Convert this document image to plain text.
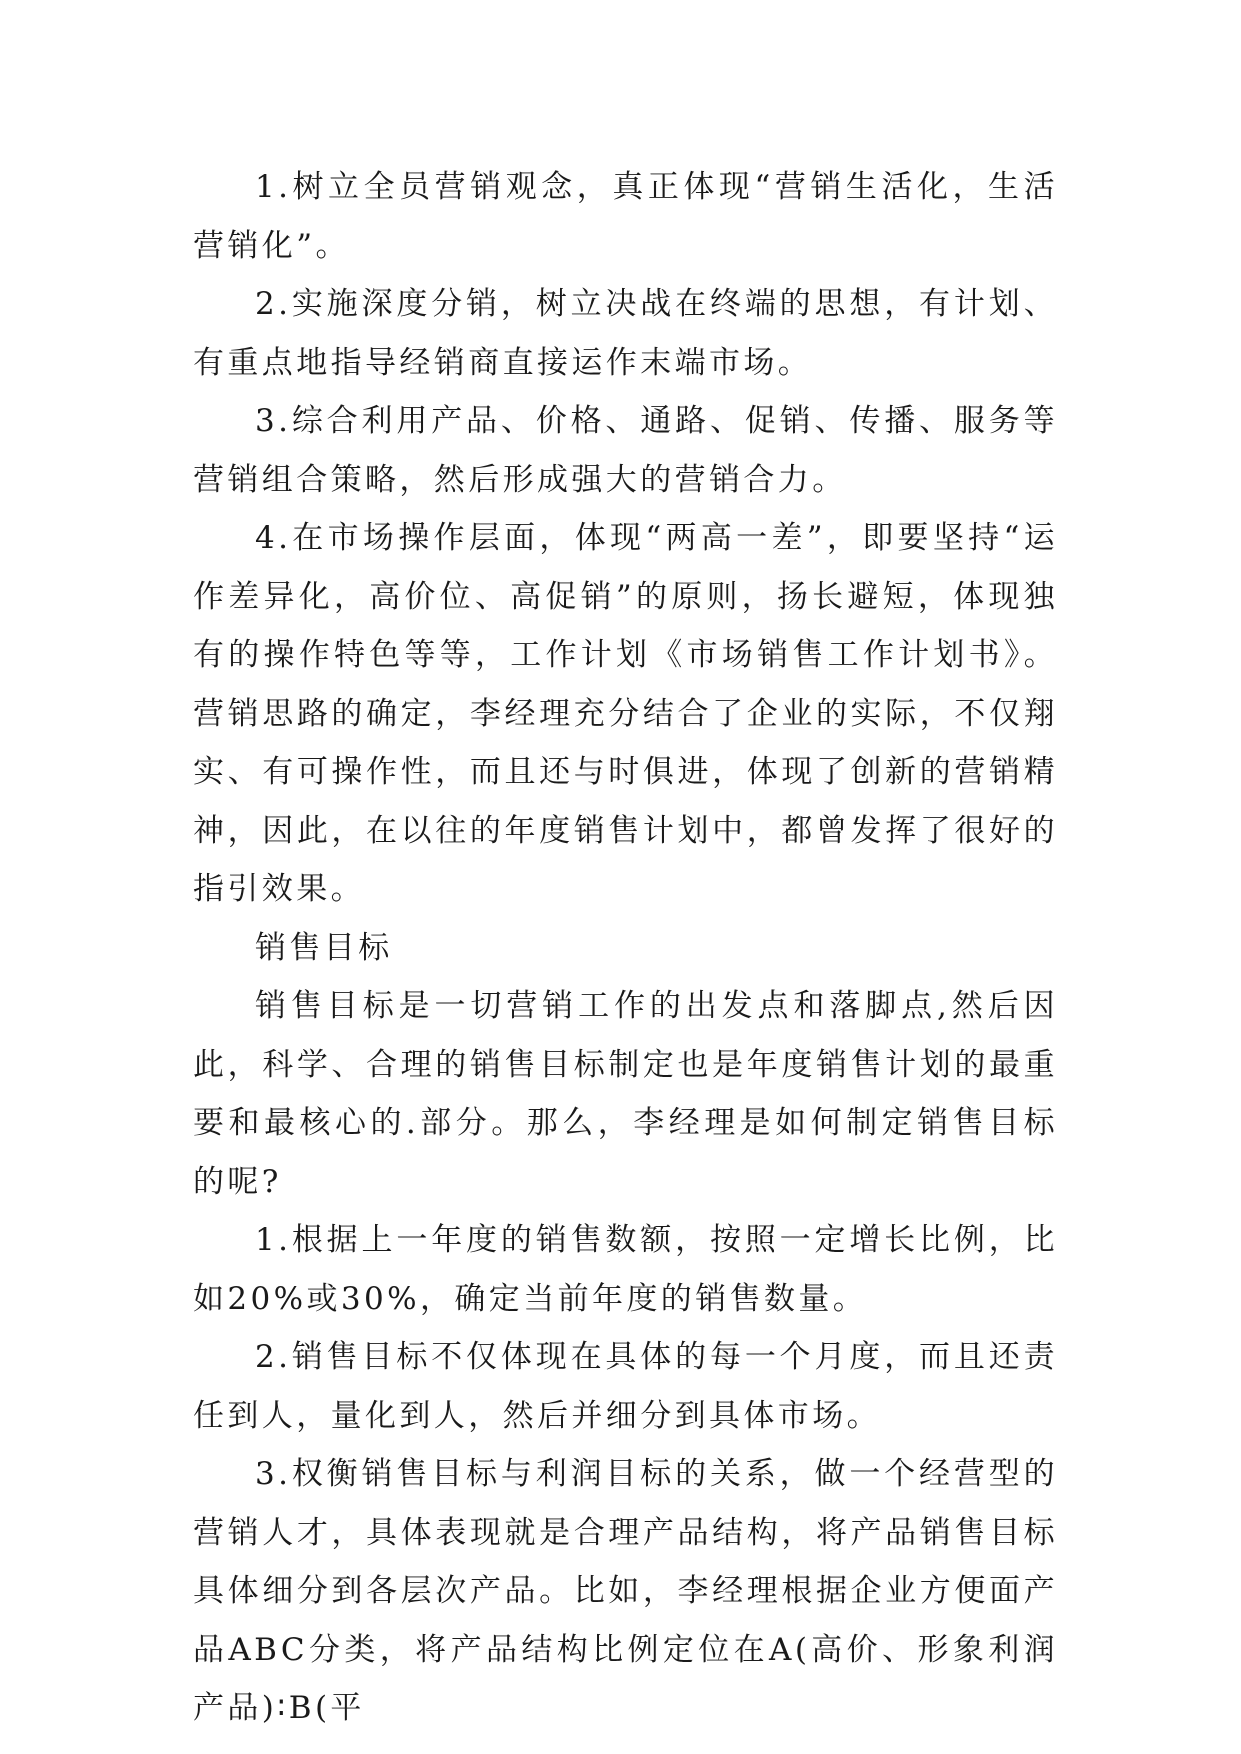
1.树立全员营销观念，真正体现“营销生活化，生活营销化”。

2.实施深度分销，树立决战在终端的思想，有计划、有重点地指导经销商直接运作末端市场。

3.综合利用产品、价格、通路、促销、传播、服务等营销组合策略，然后形成强大的营销合力。

4.在市场操作层面，体现“两高一差”，即要坚持“运作差异化，高价位、高促销”的原则，扬长避短，体现独有的操作特色等等，工作计划《市场销售工作计划书》。营销思路的确定，李经理充分结合了企业的实际，不仅翔实、有可操作性，而且还与时俱进，体现了创新的营销精神，因此，在以往的年度销售计划中，都曾发挥了很好的指引效果。

销售目标

销售目标是一切营销工作的出发点和落脚点,然后因此，科学、合理的销售目标制定也是年度销售计划的最重要和最核心的.部分。那么，李经理是如何制定销售目标的呢?

1.根据上一年度的销售数额，按照一定增长比例，比如20%或30%，确定当前年度的销售数量。

2.销售目标不仅体现在具体的每一个月度，而且还责任到人，量化到人，然后并细分到具体市场。

3.权衡销售目标与利润目标的关系，做一个经营型的营销人才，具体表现就是合理产品结构，将产品销售目标具体细分到各层次产品。比如，李经理根据企业方便面产品ABC分类，将产品结构比例定位在A(高价、形象利润产品)∶B(平
